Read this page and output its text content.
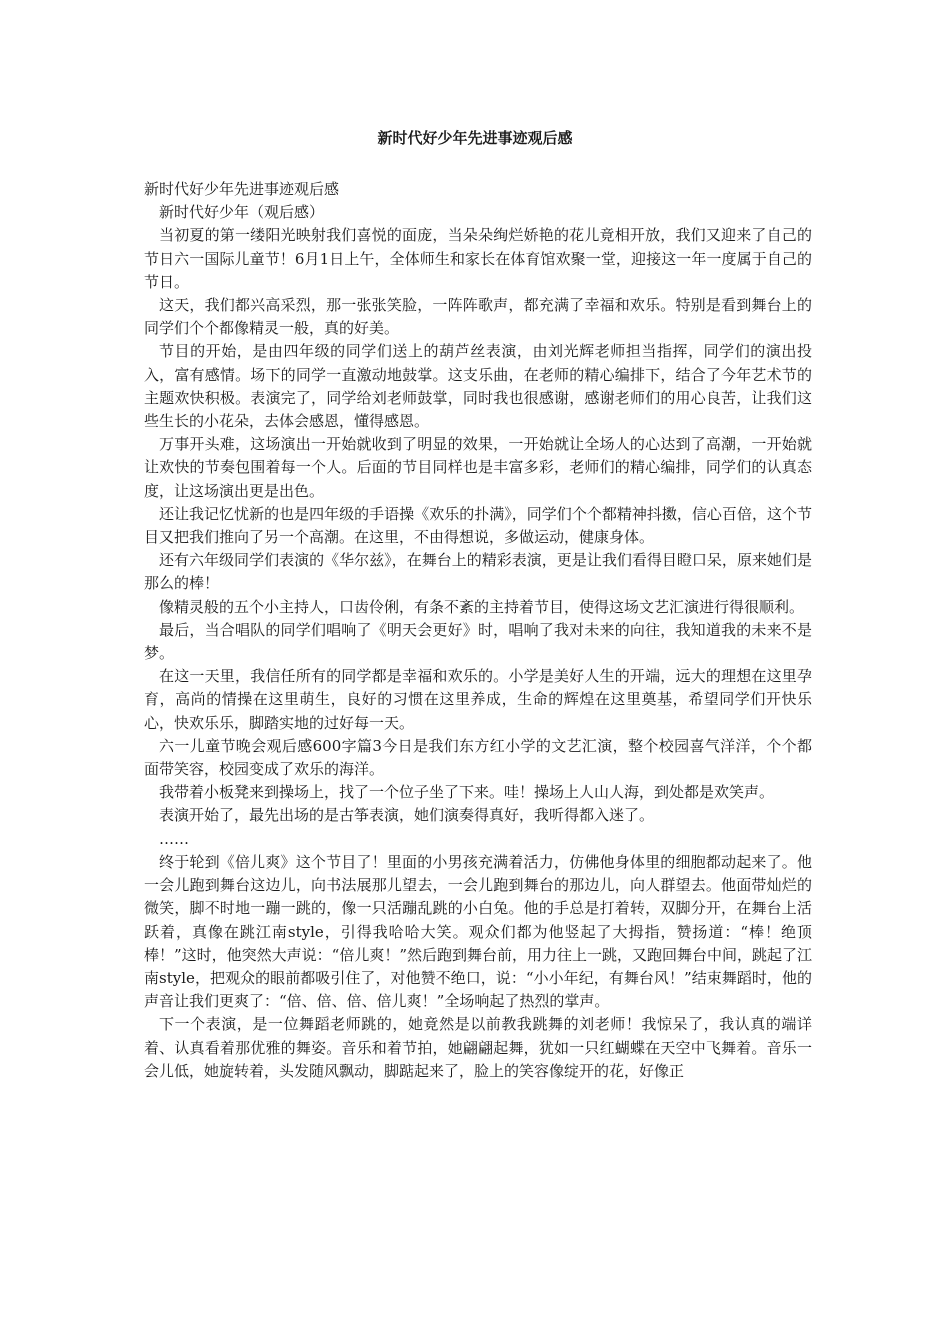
新时代好少年先进事迹观后感

新时代好少年先进事迹观后感

新时代好少年（观后感）

当初夏的第一缕阳光映射我们喜悦的面庞，当朵朵绚烂娇艳的花儿竟相开放，我们又迎来了自己的节日六一国际儿童节！6月1日上午，全体师生和家长在体育馆欢聚一堂，迎接这一年一度属于自己的节日。

这天，我们都兴高采烈，那一张张笑脸，一阵阵歌声，都充满了幸福和欢乐。特别是看到舞台上的同学们个个都像精灵一般，真的好美。

节目的开始，是由四年级的同学们送上的葫芦丝表演，由刘光辉老师担当指挥，同学们的演出投入，富有感情。场下的同学一直激动地鼓掌。这支乐曲，在老师的精心编排下，结合了今年艺术节的主题欢快积极。表演完了，同学给刘老师鼓掌，同时我也很感谢，感谢老师们的用心良苦，让我们这些生长的小花朵，去体会感恩，懂得感恩。

万事开头难，这场演出一开始就收到了明显的效果，一开始就让全场人的心达到了高潮，一开始就让欢快的节奏包围着每一个人。后面的节目同样也是丰富多彩，老师们的精心编排，同学们的认真态度，让这场演出更是出色。

还让我记忆忧新的也是四年级的手语操《欢乐的扑满》，同学们个个都精神抖擞，信心百倍，这个节目又把我们推向了另一个高潮。在这里，不由得想说，多做运动，健康身体。

还有六年级同学们表演的《华尔兹》，在舞台上的精彩表演，更是让我们看得目瞪口呆，原来她们是那么的棒！

像精灵般的五个小主持人，口齿伶俐，有条不紊的主持着节目，使得这场文艺汇演进行得很顺利。

最后，当合唱队的同学们唱响了《明天会更好》时，唱响了我对未来的向往，我知道我的未来不是梦。

在这一天里，我信任所有的同学都是幸福和欢乐的。小学是美好人生的开端，远大的理想在这里孕育，高尚的情操在这里萌生，良好的习惯在这里养成，生命的辉煌在这里奠基，希望同学们开快乐心，快欢乐乐，脚踏实地的过好每一天。

六一儿童节晚会观后感600字篇3今日是我们东方红小学的文艺汇演，整个校园喜气洋洋，个个都面带笑容，校园变成了欢乐的海洋。

我带着小板凳来到操场上，找了一个位子坐了下来。哇！操场上人山人海，到处都是欢笑声。

表演开始了，最先出场的是古筝表演，她们演奏得真好，我听得都入迷了。

……

终于轮到《倍儿爽》这个节目了！里面的小男孩充满着活力，仿佛他身体里的细胞都动起来了。他一会儿跑到舞台这边儿，向书法展那儿望去，一会儿跑到舞台的那边儿，向人群望去。他面带灿烂的微笑，脚不时地一蹦一跳的，像一只活蹦乱跳的小白兔。他的手总是打着转，双脚分开，在舞台上活跃着，真像在跳江南style，引得我哈哈大笑。观众们都为他竖起了大拇指，赞扬道：“棒！绝顶棒！”这时，他突然大声说：“倍儿爽！”然后跑到舞台前，用力往上一跳，又跑回舞台中间，跳起了江南style，把观众的眼前都吸引住了，对他赞不绝口，说：“小小年纪，有舞台风！”结束舞蹈时，他的声音让我们更爽了：“倍、倍、倍、倍儿爽！”全场响起了热烈的掌声。

下一个表演，是一位舞蹈老师跳的，她竟然是以前教我跳舞的刘老师！我惊呆了，我认真的端详着、认真看着那优雅的舞姿。音乐和着节拍，她翩翩起舞，犹如一只红蝴蝶在天空中飞舞着。音乐一会儿低，她旋转着，头发随风飘动，脚踮起来了，脸上的笑容像绽开的花，好像正
